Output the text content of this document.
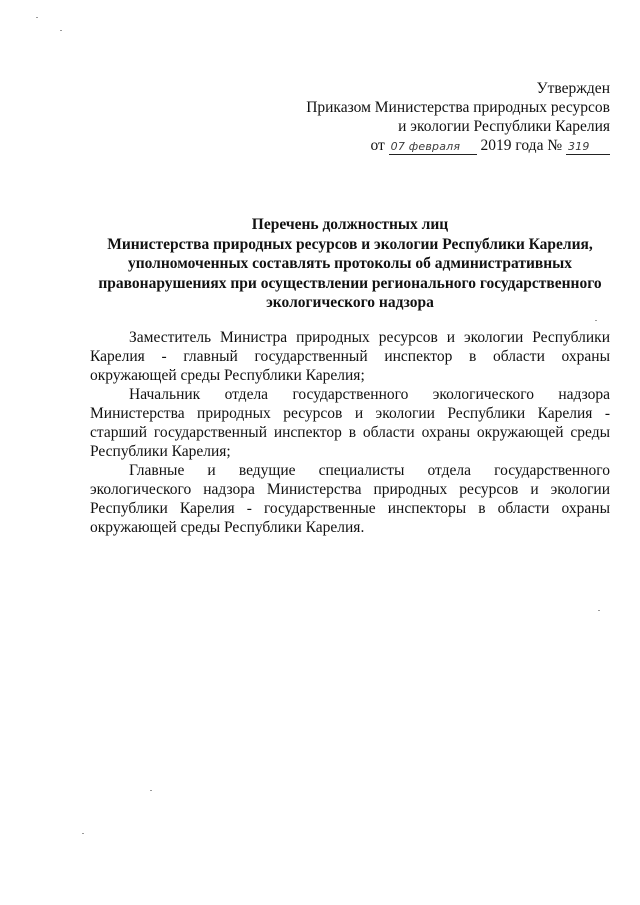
Утвержден
Приказом Министерства природных ресурсов
и экологии Республики Карелия
от 07 февраля 2019 года № 319
Перечень должностных лиц
Министерства природных ресурсов и экологии Республики Карелия,
уполномоченных составлять протоколы об административных
правонарушениях при осуществлении регионального государственного
экологического надзора

Заместитель Министра природных ресурсов и экологии Республики Карелия - главный государственный инспектор в области охраны окружающей среды Республики Карелия;

Начальник отдела государственного экологического надзора Министерства природных ресурсов и экологии Республики Карелия - старший государственный инспектор в области охраны окружающей среды Республики Карелия;

Главные и ведущие специалисты отдела государственного экологического надзора Министерства природных ресурсов и экологии Республики Карелия - государственные инспекторы в области охраны окружающей среды Республики Карелия.
